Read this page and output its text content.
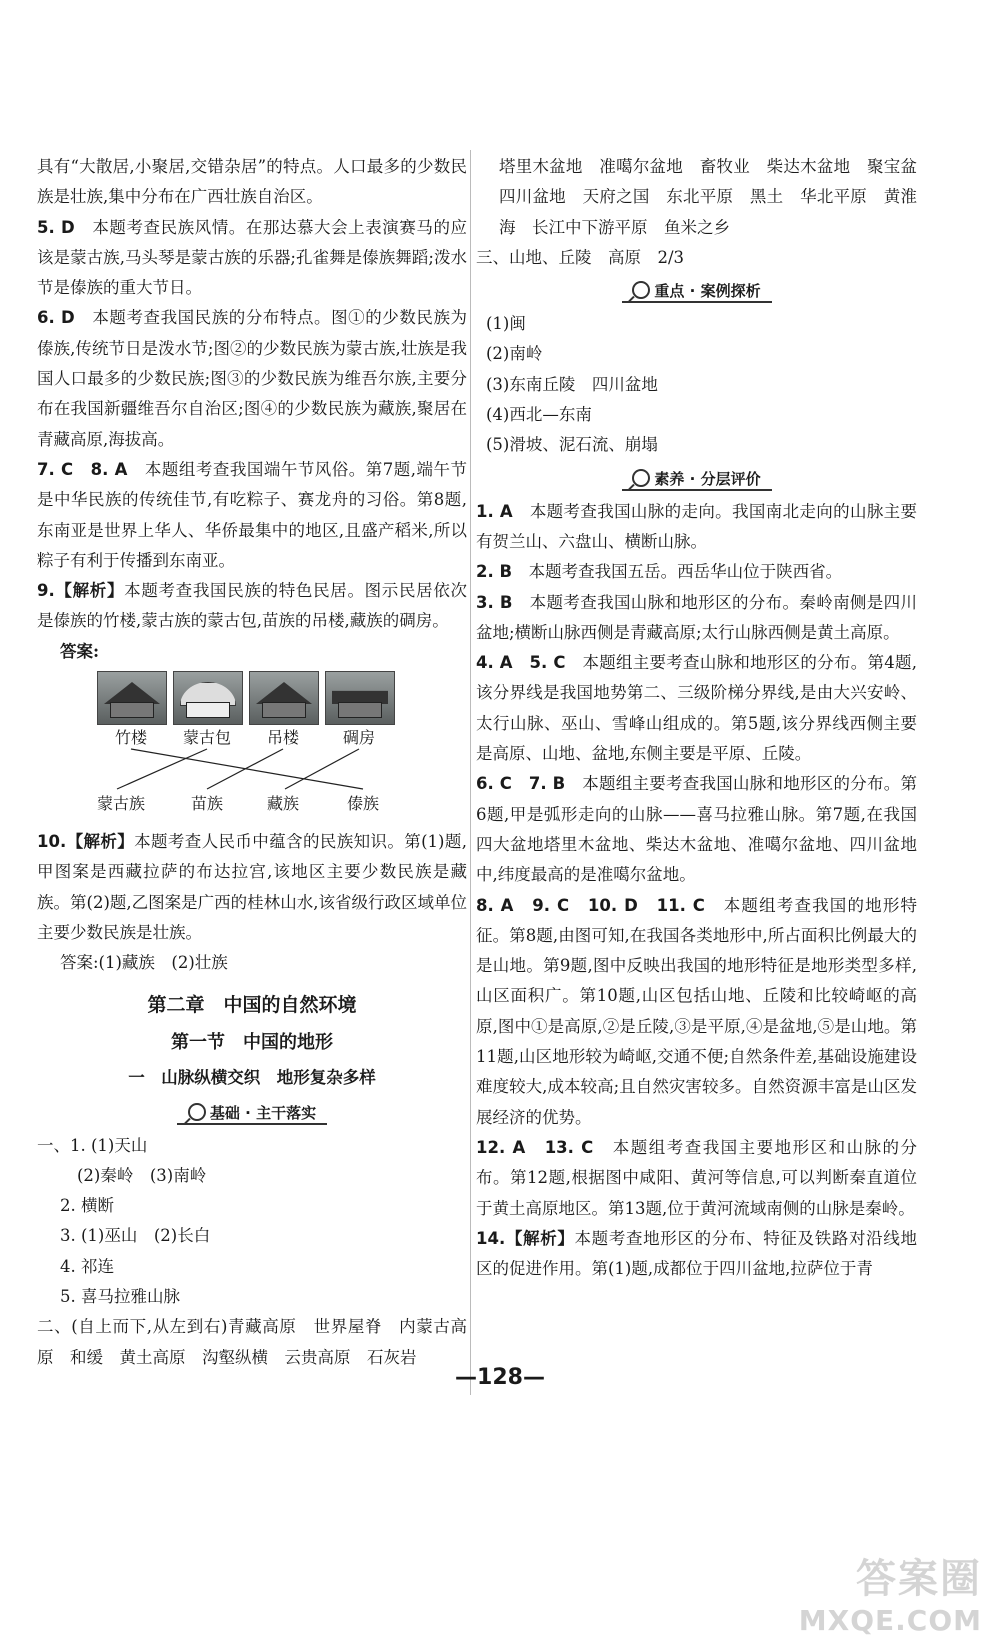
具有“大散居,小聚居,交错杂居”的特点。人口最多的少数民族是壮族,集中分布在广西壮族自治区。

5. D　 本题考查民族风情。在那达慕大会上表演赛马的应该是蒙古族,马头琴是蒙古族的乐器;孔雀舞是傣族舞蹈;泼水节是傣族的重大节日。

6. D　 本题考查我国民族的分布特点。图①的少数民族为傣族,传统节日是泼水节;图②的少数民族为蒙古族,壮族是我国人口最多的少数民族;图③的少数民族为维吾尔族,主要分布在我国新疆维吾尔自治区;图④的少数民族为藏族,聚居在青藏高原,海拔高。

7. C　8. A　 本题组考查我国端午节风俗。第7题,端午节是中华民族的传统佳节,有吃粽子、赛龙舟的习俗。第8题,东南亚是世界上华人、华侨最集中的地区,且盛产稻米,所以粽子有利于传播到东南亚。

9.【解析】本题考查我国民族的特色民居。图示民居依次是傣族的竹楼,蒙古族的蒙古包,苗族的吊楼,藏族的碉房。

答案:

竹楼 蒙古包 吊楼	碉房
蒙古族	苗族	藏族	傣族

10.【解析】本题考查人民币中蕴含的民族知识。第(1)题,甲图案是西藏拉萨的布达拉宫,该地区主要少数民族是藏族。第(2)题,乙图案是广西的桂林山水,该省级行政区域单位主要少数民族是壮族。

答案:(1)藏族　(2)壮族

第二章　中国的自然环境

第一节　中国的地形

一　山脉纵横交织　地形复杂多样

基础 · 主干落实

一、1. (1)天山

(2)秦岭　(3)南岭

2. 横断

3. (1)巫山　(2)长白

4. 祁连

5. 喜马拉雅山脉

二、(自上而下,从左到右)青藏高原　世界屋脊　内蒙古高原　和缓　黄土高原　沟壑纵横　云贵高原　石灰岩

塔里木盆地　准噶尔盆地　畜牧业　柴达木盆地　聚宝盆　四川盆地　天府之国　东北平原　黑土　华北平原　黄淮海　长江中下游平原　鱼米之乡

三、山地、丘陵　高原　2/3

重点 · 案例探析

(1)闽

(2)南岭

(3)东南丘陵　四川盆地

(4)西北—东南

(5)滑坡、泥石流、崩塌

素养 · 分层评价

1. A　 本题考查我国山脉的走向。我国南北走向的山脉主要有贺兰山、六盘山、横断山脉。

2. B　 本题考查我国五岳。西岳华山位于陕西省。

3. B　 本题考查我国山脉和地形区的分布。秦岭南侧是四川盆地;横断山脉西侧是青藏高原;太行山脉西侧是黄土高原。

4. A　5. C　 本题组主要考查山脉和地形区的分布。第4题,该分界线是我国地势第二、三级阶梯分界线,是由大兴安岭、太行山脉、巫山、雪峰山组成的。第5题,该分界线西侧主要是高原、山地、盆地,东侧主要是平原、丘陵。

6. C　7. B　 本题组主要考查我国山脉和地形区的分布。第6题,甲是弧形走向的山脉——喜马拉雅山脉。第7题,在我国四大盆地塔里木盆地、柴达木盆地、准噶尔盆地、四川盆地中,纬度最高的是准噶尔盆地。

8. A　9. C　10. D　11. C　 本题组考查我国的地形特征。第8题,由图可知,在我国各类地形中,所占面积比例最大的是山地。第9题,图中反映出我国的地形特征是地形类型多样,山区面积广。第10题,山区包括山地、丘陵和比较崎岖的高原,图中①是高原,②是丘陵,③是平原,④是盆地,⑤是山地。第11题,山区地形较为崎岖,交通不便;自然条件差,基础设施建设难度较大,成本较高;且自然灾害较多。自然资源丰富是山区发展经济的优势。

12. A　13. C　 本题组考查我国主要地形区和山脉的分布。第12题,根据图中咸阳、黄河等信息,可以判断秦直道位于黄土高原地区。第13题,位于黄河流域南侧的山脉是秦岭。

14.【解析】本题考查地形区的分布、特征及铁路对沿线地区的促进作用。第(1)题,成都位于四川盆地,拉萨位于青

—128—
答案圈
MXQE.COM
